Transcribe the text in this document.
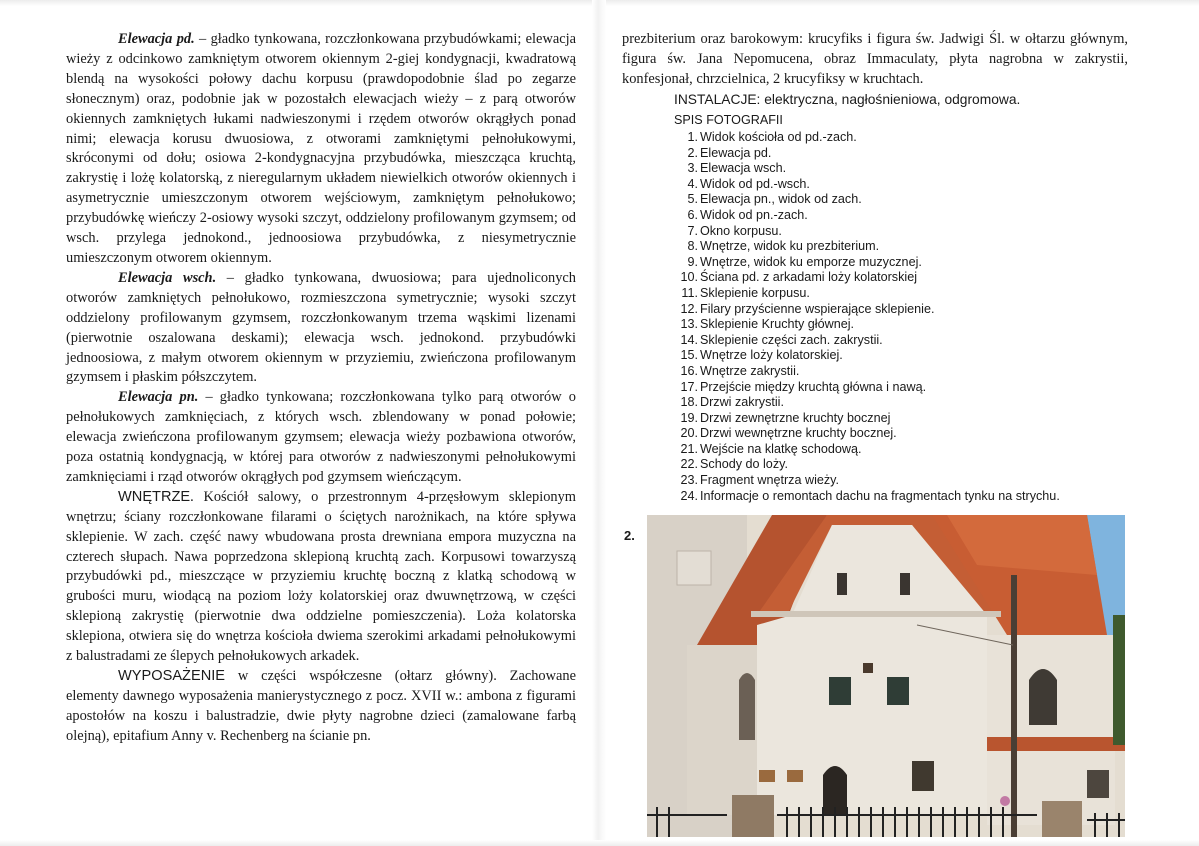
Elewacja pd. – gładko tynkowana, rozczłonkowana przybudówkami; elewacja wieży z odcinkowo zamkniętym otworem okiennym 2-giej kondygnacji, kwadratową blendą na wysokości połowy dachu korpusu (prawdopodobnie ślad po zegarze słonecznym) oraz, podobnie jak w pozostałch elewacjach wieży – z parą otworów okiennych zamkniętych łukami nadwieszonymi i rzędem otworów okrągłych ponad nimi; elewacja korusu dwuosiowa, z otworami zamkniętymi pełnołukowymi, skróconymi od dołu; osiowa 2-kondygnacyjna przybudówka, mieszcząca kruchtą, zakrystię i lożę kolatorską, z nieregularnym układem niewielkich otworów okiennych i asymetrycznie umieszczonym otworem wejściowym, zamkniętym pełnołukowo; przybudówkę wieńczy 2-osiowy wysoki szczyt, oddzielony profilowanym gzymsem; od wsch. przylega jednokond., jednoosiowa przybudówka, z niesymetrycznie umieszczonym otworem okiennym.

Elewacja wsch. – gładko tynkowana, dwuosiowa; para ujednoliconych otworów zamkniętych pełnołukowo, rozmieszczona symetrycznie; wysoki szczyt oddzielony profilowanym gzymsem, rozczłonkowanym trzema wąskimi lizenami (pierwotnie oszalowana deskami); elewacja wsch. jednokond. przybudówki jednoosiowa, z małym otworem okiennym w przyziemiu, zwieńczona profilowanym gzymsem i płaskim półszczytem.

Elewacja pn. – gładko tynkowana; rozczłonkowana tylko parą otworów o pełnołukowych zamknięciach, z których wsch. zblendowany w ponad połowie; elewacja zwieńczona profilowanym gzymsem; elewacja wieży pozbawiona otworów, poza ostatnią kondygnacją, w której para otworów z nadwieszonymi pełnołukowymi zamknięciami i rząd otworów okrągłych pod gzymsem wieńczącym.

WNĘTRZE. Kościół salowy, o przestronnym 4-przęsłowym sklepionym wnętrzu; ściany rozczłonkowane filarami o ściętych narożnikach, na które spływa sklepienie. W zach. część nawy wbudowana prosta drewniana empora muzyczna na czterech słupach. Nawa poprzedzona sklepioną kruchtą zach. Korpusowi towarzyszą przybudówki pd., mieszczące w przyziemiu kruchtę boczną z klatką schodową w grubości muru, wiodącą na poziom loży kolatorskiej oraz dwuwnętrzową, w części sklepioną zakrystię (pierwotnie dwa oddzielne pomieszczenia). Loża kolatorska sklepiona, otwiera się do wnętrza kościoła dwiema szerokimi arkadami pełnołukowymi z balustradami ze ślepych pełnołukowych arkadek.

WYPOSAŻENIE w części współczesne (ołtarz główny). Zachowane elementy dawnego wyposażenia manierystycznego z pocz. XVII w.: ambona z figurami apostołów na koszu i balustradzie, dwie płyty nagrobne dzieci (zamalowane farbą olejną), epitafium Anny v. Rechenberg na ścianie pn.

prezbiterium oraz barokowym: krucyfiks i figura św. Jadwigi Śl. w ołtarzu głównym, figura św. Jana Nepomucena, obraz Immaculaty, płyta nagrobna w zakrystii, konfesjonał, chrzcielnica, 2 krucyfiksy w kruchtach.

INSTALACJE: elektryczna, nagłośnieniowa, odgromowa.

SPIS FOTOGRAFII
1. Widok kościoła od pd.-zach.
2. Elewacja pd.
3. Elewacja wsch.
4. Widok od pd.-wsch.
5. Elewacja pn., widok od zach.
6. Widok od pn.-zach.
7. Okno korpusu.
8. Wnętrze, widok ku prezbiterium.
9. Wnętrze, widok ku emporze muzycznej.
10. Ściana pd. z arkadami loży kolatorskiej
11. Sklepienie korpusu.
12. Filary przyścienne wspierające sklepienie.
13. Sklepienie Kruchty głównej.
14. Sklepienie części zach. zakrystii.
15. Wnętrze loży kolatorskiej.
16. Wnętrze zakrystii.
17. Przejście między kruchtą główna i nawą.
18. Drzwi zakrystii.
19. Drzwi zewnętrzne kruchty bocznej
20. Drzwi wewnętrzne kruchty bocznej.
21. Wejście na klatkę schodową.
22. Schody do loży.
23. Fragment wnętrza wieży.
24. Informacje o remontach dachu na fragmentach tynku na strychu.
2.
